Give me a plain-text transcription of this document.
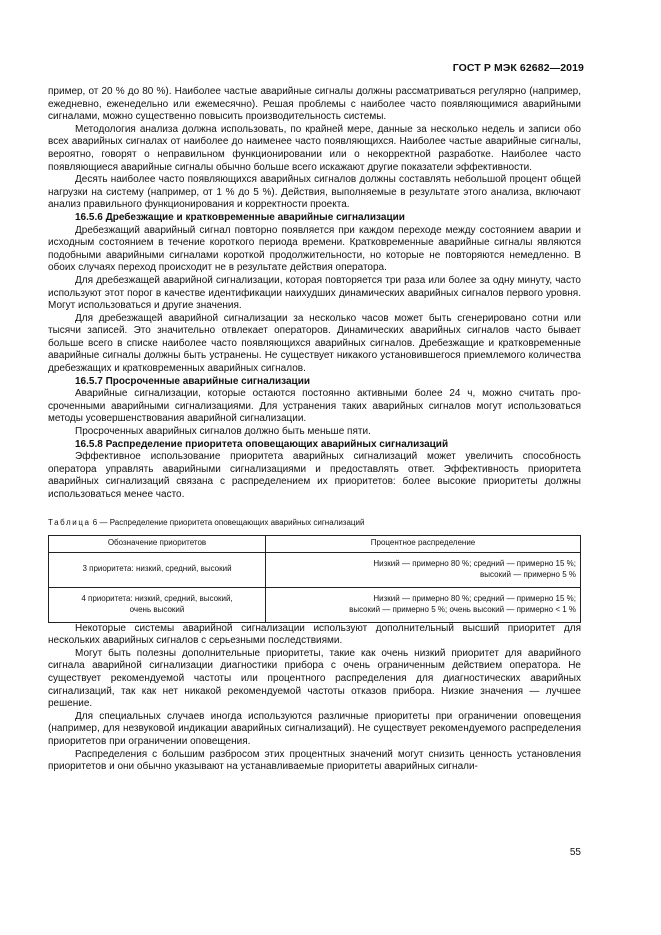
ГОСТ Р МЭК 62682—2019

пример, от 20 % до 80 %). Наиболее частые аварийные сигналы должны рассматриваться регулярно (например, ежедневно, еженедельно или ежемесячно). Решая проблемы с наиболее часто появляющимися аварийными сигналами, можно существенно повысить производительность системы.

Методология анализа должна использовать, по крайней мере, данные за несколько недель и записи обо всех аварийных сигналах от наиболее до наименее часто появляющихся. Наиболее частые аварийные сигналы, вероятно, говорят о неправильном функционировании или о некорректной разработке. Наиболее часто появляющиеся аварийные сигналы обычно больше всего искажают другие показатели эффективности.

Десять наиболее часто появляющихся аварийных сигналов должны составлять небольшой процент общей нагрузки на систему (например, от 1 % до 5 %). Действия, выполняемые в результате этого анализа, включают анализ правильного функционирования и корректности проекта.

16.5.6 Дребезжащие и кратковременные аварийные сигнализации

Дребезжащий аварийный сигнал повторно появляется при каждом переходе между состоянием аварии и исходным состоянием в течение короткого периода времени. Кратковременные аварийные сигналы являются подобными аварийными сигналами короткой продолжительности, но которые не повторяются немедленно. В обоих случаях переход происходит не в результате действия оператора.

Для дребезжащей аварийной сигнализации, которая повторяется три раза или более за одну минуту, часто используют этот порог в качестве идентификации наихудших динамических аварийных сигналов первого уровня. Могут использоваться и другие значения.

Для дребезжащей аварийной сигнализации за несколько часов может быть сгенерировано сотни или тысячи записей. Это значительно отвлекает операторов. Динамических аварийных сигналов часто бывает больше всего в списке наиболее часто появляющихся аварийных сигналов. Дребезжащие и кратковременные аварийные сигналы должны быть устранены. Не существует никакого установившегося приемлемого количества дребезжащих и кратковременных аварийных сигналов.

16.5.7 Просроченные аварийные сигнализации

Аварийные сигнализации, которые остаются постоянно активными более 24 ч, можно считать просроченными аварийными сигнализациями. Для устранения таких аварийных сигналов могут использоваться методы усовершенствования аварийной сигнализации.

Просроченных аварийных сигналов должно быть меньше пяти.

16.5.8 Распределение приоритета оповещающих аварийных сигнализаций

Эффективное использование приоритета аварийных сигнализаций может увеличить способность оператора управлять аварийными сигнализациями и предоставлять ответ. Эффективность приоритета аварийных сигнализаций связана с распределением их приоритетов: более высокие приоритеты должны использоваться менее часто.

Таблица 6 — Распределение приоритета оповещающих аварийных сигнализаций
Обозначение приоритетов	Процентное распределение
3 приоритета: низкий, средний, высокий	Низкий — примерно 80 %; средний — примерно 15 %;
высокий — примерно 5 %
4 приоритета: низкий, средний, высокий,
очень высокий	Низкий — примерно 80 %; средний — примерно 15 %;
высокий — примерно 5 %; очень высокий — примерно < 1 %

Некоторые системы аварийной сигнализации используют дополнительный высший приоритет для нескольких аварийных сигналов с серьезными последствиями.

Могут быть полезны дополнительные приоритеты, такие как очень низкий приоритет для аварийного сигнала аварийной сигнализации диагностики прибора с очень ограниченным действием оператора. Не существует рекомендуемой частоты или процентного распределения для диагностических аварийных сигнализаций, так как нет никакой рекомендуемой частоты отказов прибора. Низкие значения — лучшее решение.

Для специальных случаев иногда используются различные приоритеты при ограничении оповещения (например, для незвуковой индикации аварийных сигнализаций). Не существует рекомендуемого распределения приоритетов при ограничении оповещения.

Распределения с большим разбросом этих процентных значений могут снизить ценность установления приоритетов и они обычно указывают на устанавливаемые приоритеты аварийных сигнали-

55
